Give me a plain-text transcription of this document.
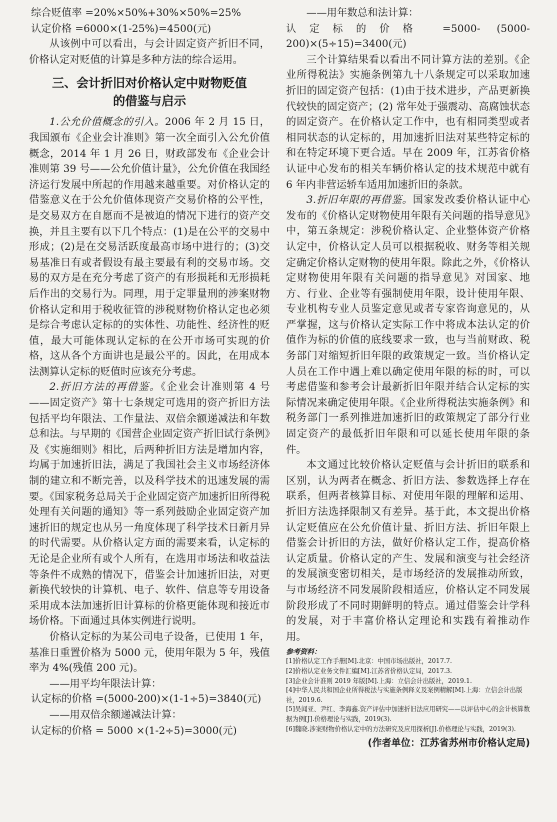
综合贬值率 =20%×50%+30%×50%=25%

认定价格 =6000×(1-25%)=4500(元)

从该例中可以看出，与会计固定资产折旧不同，价格认定对贬值的计算是多种方法的综合运用。

三、会计折旧对价格认定中财物贬值
的借鉴与启示

1.公允价值概念的引入。2006 年 2 月 15 日，我国颁布《企业会计准则》第一次全面引入公允价值概念，2014 年 1 月 26 日，财政部发布《企业会计准则第 39 号——公允价值计量》，公允价值在我国经济运行发展中所起的作用越来越重要。对价格认定的借鉴意义在于公允价值体现资产交易价格的公平性，是交易双方在自愿而不是被迫的情况下进行的资产交换，并且主要有以下几个特点：(1)是在公平的交易中形成；(2)是在交易活跃度最高市场中进行的；(3)交易基准日有或者假设有最主要最有利的交易市场。交易的双方是在充分考虑了资产的有形损耗和无形损耗后作出的交易行为。同理，用于定罪量刑的涉案财物价格认定和用于税收征管的涉税财物价格认定也必须是综合考虑认定标的的实体性、功能性、经济性的贬值，最大可能体现认定标的在公开市场可实现的价格，这从各个方面讲也是最公平的。因此，在用成本法测算认定标的贬值时应该充分考虑。

2.折旧方法的再借鉴。《企业会计准则第 4 号——固定资产》第十七条规定可选用的资产折旧方法包括平均年限法、工作量法、双倍余额递减法和年数总和法。与早期的《国营企业固定资产折旧试行条例》及《实施细则》相比，后两种折旧方法是增加内容，均属于加速折旧法，满足了我国社会主义市场经济体制的建立和不断完善，以及科学技术的迅速发展的需要。《国家税务总局关于企业固定资产加速折旧所得税处理有关问题的通知》等一系列鼓励企业固定资产加速折旧的规定也从另一角度体现了科学技术日新月异的时代需要。从价格认定方面的需要来看，认定标的无论是企业所有或个人所有，在选用市场法和收益法等条件不成熟的情况下，借鉴会计加速折旧法，对更新换代较快的计算机、电子、软件、信息等专用设备采用成本法加速折旧计算标的价格更能体现和接近市场价格。下面通过具体实例进行说明。

价格认定标的为某公司电子设备，已使用 1 年，基准日重置价格为 5000 元，使用年限为 5 年，残值率为 4%(残值 200 元)。

——用平均年限法计算：

认定标的价格 =(5000-200)×(1-1÷5)=3840(元)

——用双倍余额递减法计算：

认定标的价格 = 5000 ×(1-2÷5)=3000(元)

——用年数总和法计算：

认定标的价格 =5000- (5000-200)×(5÷15)=3400(元)

三个计算结果看以看出不同计算方法的差别。《企业所得税法》实施条例第九十八条规定可以采取加速折旧的固定资产包括：(1)由于技术进步，产品更新换代较快的固定资产；(2) 常年处于强震动、高腐蚀状态的固定资产。在价格认定工作中，也有相同类型或者相同状态的认定标的，用加速折旧法对某些特定标的和在特定环境下更合适。早在 2009 年，江苏省价格认证中心发布的相关车辆价格认定的技术规范中就有 6 年内非营运轿车适用加速折旧的条款。

3.折旧年限的再借鉴。国家发改委价格认证中心发布的《价格认定财物使用年限有关问题的指导意见》中，第五条规定：涉税价格认定、企业整体资产价格认定中，价格认定人员可以根据税收、财务等相关规定确定价格认定财物的使用年限。除此之外，《价格认定财物使用年限有关问题的指导意见》对国家、地方、行业、企业等有强制使用年限，设计使用年限、专业机构专业人员鉴定意见或者专家咨询意见的，从严掌握，这与价格认定实际工作中将成本法认定的价值作为标的价值的底线要求一致，也与当前财政、税务部门对缩短折旧年限的政策规定一致。当价格认定人员在工作中遇上难以确定使用年限的标的时，可以考虑借鉴和参考会计最新折旧年限并结合认定标的实际情况来确定使用年限。《企业所得税法实施条例》和税务部门一系列推进加速折旧的政策规定了部分行业固定资产的最低折旧年限和可以延长使用年限的条件。

本文通过比较价格认定贬值与会计折旧的联系和区别，认为两者在概念、折旧方法、参数选择上存在联系，但两者核算目标、对使用年限的理解和运用、折旧方法选择限制又有差异。基于此，本文提出价格认定贬值应在公允价值计量、折旧方法、折旧年限上借鉴会计折旧的方法，做好价格认定工作，提高价格认定质量。价格认定的产生、发展和演变与社会经济的发展演变密切相关，是市场经济的发展推动所致，与市场经济不同发展阶段相适应，价格认定不同发展阶段形成了不同时期鲜明的特点。通过借鉴会计学科的发展，对于丰富价格认定理论和实践有着推动作用。

参考资料：

[1]价格认定工作手册[M].北京：中国市场出版社，2017.7.

[2]价格认定业务文件汇编[M].江苏省价格认定局，2017.3.

[3]企业会计准则 2019 年版[M].上海：立信会计出版社，2019.1.

[4]中华人民共和国企业所得税法与实施条例释义及案例精解[M].上海：立信会计出版社，2019.6.

[5]吴闻亚、尹红、李海鑫.资产评估中加速折旧法应用研究——以评估中心的会计核算数据为例[J].价格理论与实践，2019(3).

[6]魏晓.涉案财物价格认定中的方法研究及应用探析[J].价格理论与实践，2019(3).

(作者单位：江苏省苏州市价格认定局)
